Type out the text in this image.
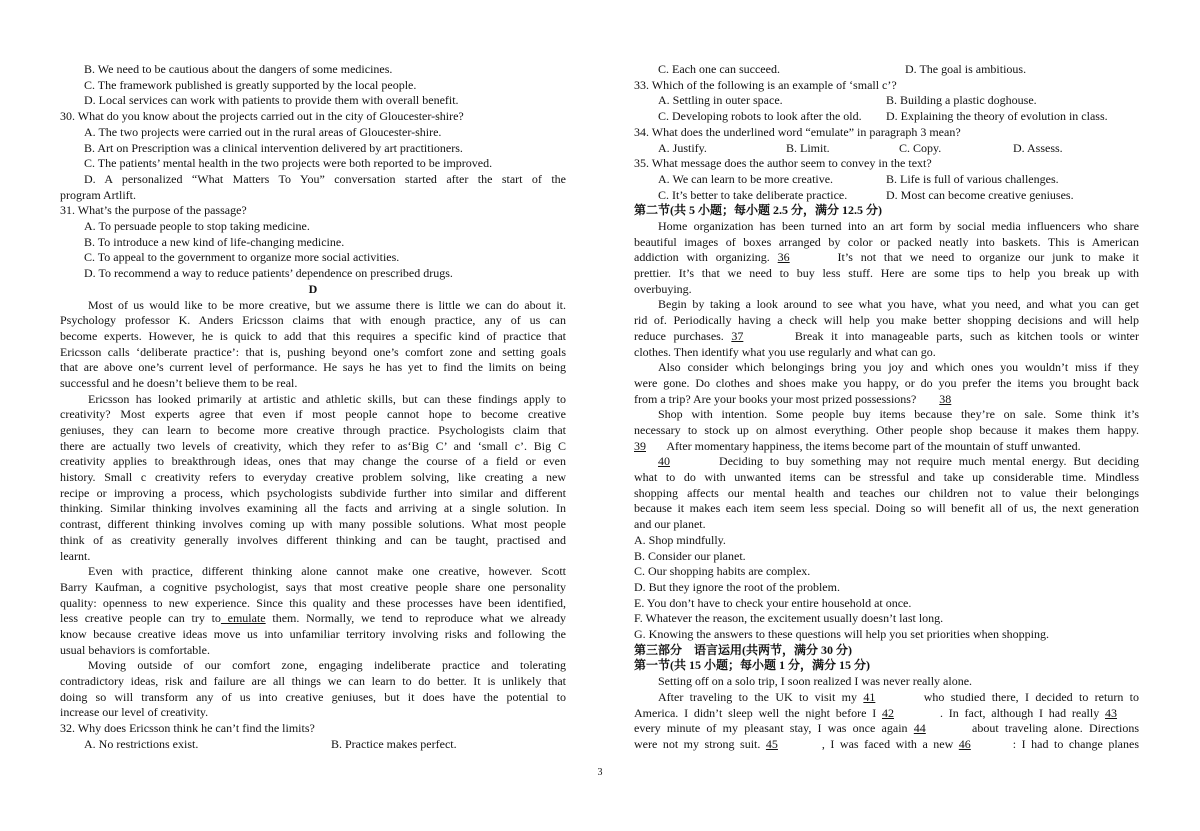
B. We need to be cautious about the dangers of some medicines.
C. The framework published is greatly supported by the local people.
D. Local services can work with patients to provide them with overall benefit.
30. What do you know about the projects carried out in the city of Gloucester-shire?
A. The two projects were carried out in the rural areas of Gloucester-shire.
B. Art on Prescription was a clinical intervention delivered by art practitioners.
C. The patients’ mental health in the two projects were both reported to be improved.
D. A personalized “What Matters To You” conversation started after the start of the
program Artlift.
31. What’s the purpose of the passage?
A. To persuade people to stop taking medicine.
B. To introduce a new kind of life-changing medicine.
C. To appeal to the government to organize more social activities.
D. To recommend a way to reduce patients’ dependence on prescribed drugs.
D
Most of us would like to be more creative, but we assume there is little we can do about it.
Psychology professor K. Anders Ericsson claims that with enough practice, any of us can
become experts. However, he is quick to add that this requires a specific kind of practice that
Ericsson calls ‘deliberate practice’: that is, pushing beyond one’s comfort zone and setting goals
that are above one’s current level of performance. He says he has yet to find the limits on being
successful and he doesn’t believe them to be real.
Ericsson has looked primarily at artistic and athletic skills, but can these findings apply to
creativity? Most experts agree that even if most people cannot hope to become creative
geniuses, they can learn to become more creative through practice. Psychologists claim that
there are actually two levels of creativity, which they refer to as‘Big C’ and ‘small c’. Big C
creativity applies to breakthrough ideas, ones that may change the course of a field or even
history. Small c creativity refers to everyday creative problem solving, like creating a new
recipe or improving a process, which psychologists subdivide further into similar and different
thinking. Similar thinking involves examining all the facts and arriving at a single solution. In
contrast, different thinking involves coming up with many possible solutions. What most people
think of as creativity generally involves different thinking and can be taught, practised and
learnt.
Even with practice, different thinking alone cannot make one creative, however. Scott
Barry Kaufman, a cognitive psychologist, says that most creative people share one personality
quality: openness to new experience. Since this quality and these processes have been identified,
less creative people can try to emulate them. Normally, we tend to reproduce what we already
know because creative ideas move us into unfamiliar territory involving risks and following the
usual behaviors is comfortable.
Moving outside of our comfort zone, engaging indeliberate practice and tolerating
contradictory ideas, risk and failure are all things we can learn to do better. It is unlikely that
doing so will transform any of us into creative geniuses, but it does have the potential to
increase our level of creativity.
32. Why does Ericsson think he can’t find the limits?
A. No restrictions exist.	B. Practice makes perfect.
C. Each one can succeed.	D. The goal is ambitious.
33. Which of the following is an example of ‘small c’?
A. Settling in outer space.	B. Building a plastic doghouse.
C. Developing robots to look after the old. D. Explaining the theory of evolution in class.
34. What does the underlined word “emulate” in paragraph 3 mean?
A. Justify.	B. Limit.	C. Copy.	D. Assess.
35. What message does the author seem to convey in the text?
A. We can learn to be more creative.	B. Life is full of various challenges.
C. It’s better to take deliberate practice.	D. Most can become creative geniuses.
第二节(共 5 小题；每小题 2.5 分，满分 12.5 分)
Home organization has been turned into an art form by social media influencers who share
beautiful images of boxes arranged by color or packed neatly into baskets. This is American
addiction with organizing. 36	It’s not that we need to organize our junk to make it
prettier. It’s that we need to buy less stuff. Here are some tips to help you break up with
overbuying.
Begin by taking a look around to see what you have, what you need, and what you can get
rid of. Periodically having a check will help you make better shopping decisions and will help
reduce purchases. 37	Break it into manageable parts, such as kitchen tools or winter
clothes. Then identify what you use regularly and what can go.
Also consider which belongings bring you joy and which ones you wouldn’t miss if they
were gone. Do clothes and shoes make you happy, or do you prefer the items you brought back
from a trip? Are your books your most prized possessions? 38
Shop with intention. Some people buy items because they’re on sale. Some think it’s
necessary to stock up on almost everything. Other people shop because it makes them happy.
39 After momentary happiness, the items become part of the mountain of stuff unwanted.
40	Deciding to buy something may not require much mental energy. But deciding
what to do with unwanted items can be stressful and take up considerable time. Mindless
shopping affects our mental health and teaches our children not to value their belongings
because it makes each item seem less special. Doing so will benefit all of us, the next generation
and our planet.
A. Shop mindfully.
B. Consider our planet.
C. Our shopping habits are complex.
D. But they ignore the root of the problem.
E. You don’t have to check your entire household at once.
F. Whatever the reason, the excitement usually doesn’t last long.
G. Knowing the answers to these questions will help you set priorities when shopping.
第三部分　语言运用(共两节，满分 30 分)
第一节(共 15 小题；每小题 1 分，满分 15 分)
Setting off on a solo trip, I soon realized I was never really alone.
After traveling to the UK to visit my 41	who studied there, I decided to return to
America. I didn’t sleep well the night before I 42	. In fact, although I had really 43
every minute of my pleasant stay, I was once again 44	about traveling alone. Directions
were not my strong suit. 45	, I was faced with a new 46	: I had to change planes
3
